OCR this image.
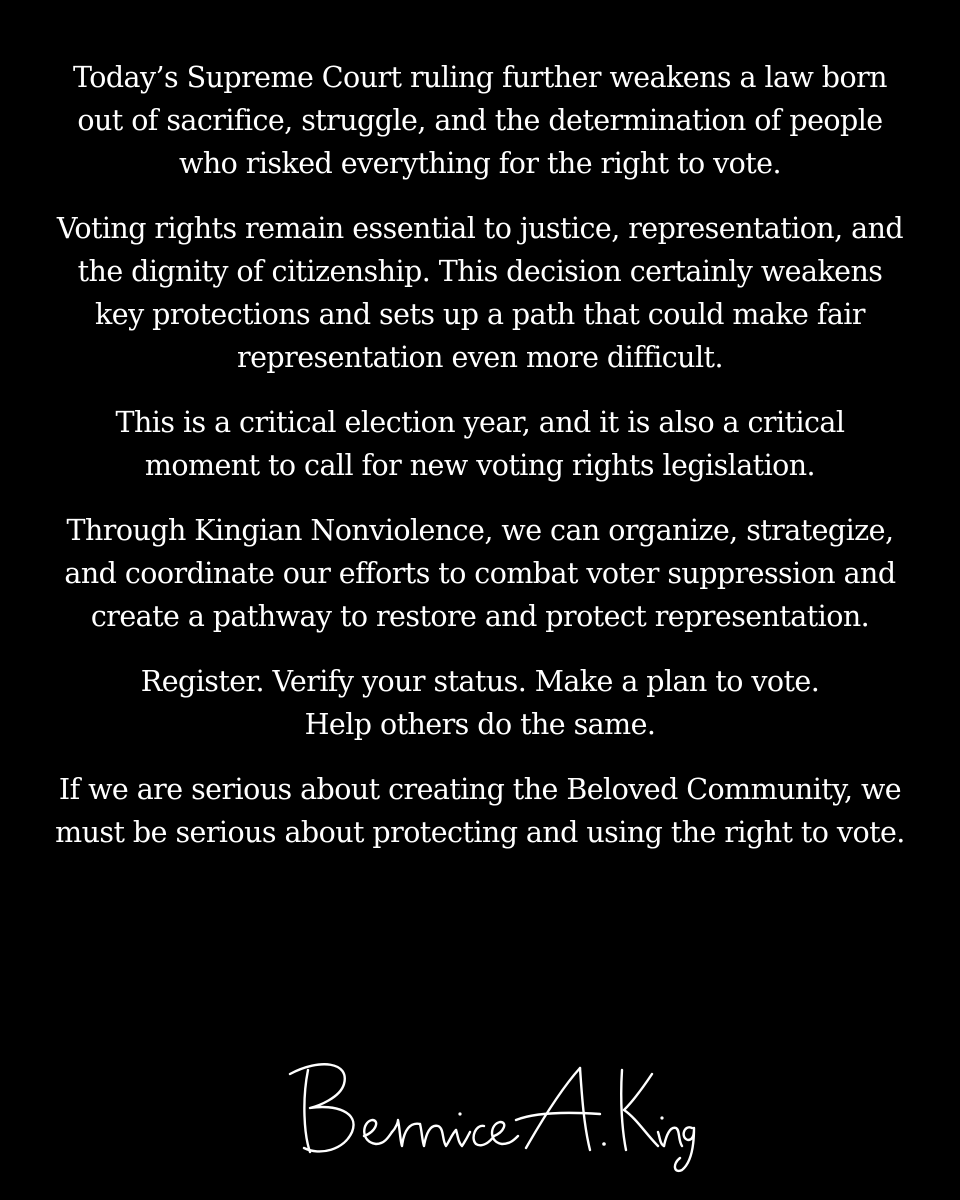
Today’s Supreme Court ruling further weakens a law born
out of sacrifice, struggle, and the determination of people
who risked everything for the right to vote.

Voting rights remain essential to justice, representation, and
the dignity of citizenship. This decision certainly weakens
key protections and sets up a path that could make fair
representation even more difficult.

This is a critical election year, and it is also a critical
moment to call for new voting rights legislation.

Through Kingian Nonviolence, we can organize, strategize,
and coordinate our efforts to combat voter suppression and
create a pathway to restore and protect representation.

Register. Verify your status. Make a plan to vote.
Help others do the same.

If we are serious about creating the Beloved Community, we
must be serious about protecting and using the right to vote.
